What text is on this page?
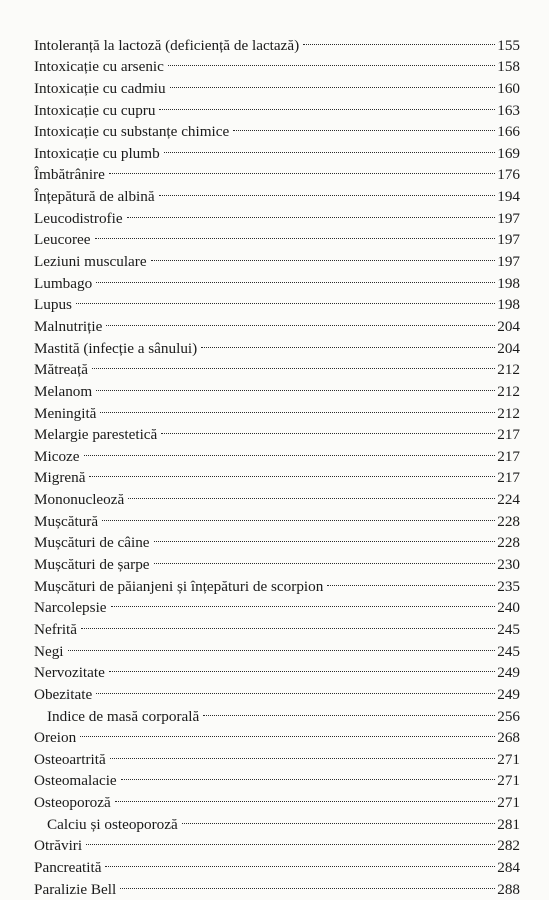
Intoleranță la lactoză (deficiență de lactază)	155
Intoxicație cu arsenic	158
Intoxicație cu cadmiu	160
Intoxicație cu cupru	163
Intoxicație cu substanțe chimice	166
Intoxicație cu plumb	169
Îmbătrânire	176
Înțepătură de albină	194
Leucodistrofie	197
Leucoree	197
Leziuni musculare	197
Lumbago	198
Lupus	198
Malnutriție	204
Mastită (infecție a sânului)	204
Mătreață	212
Melanom	212
Meningită	212
Melargie parestetică	217
Micoze	217
Migrenă	217
Mononucleoză	224
Mușcătură	228
Mușcături de câine	228
Mușcături de șarpe	230
Mușcături de păianjeni și înțepături de scorpion	235
Narcolepsie	240
Nefrită	245
Negi	245
Nervozitate	249
Obezitate	249
Indice de masă corporală	256
Oreion	268
Osteoartrită	271
Osteomalacie	271
Osteoporoză	271
Calciu și osteoporoză	281
Otrăviri	282
Pancreatită	284
Paralizie Bell	288
